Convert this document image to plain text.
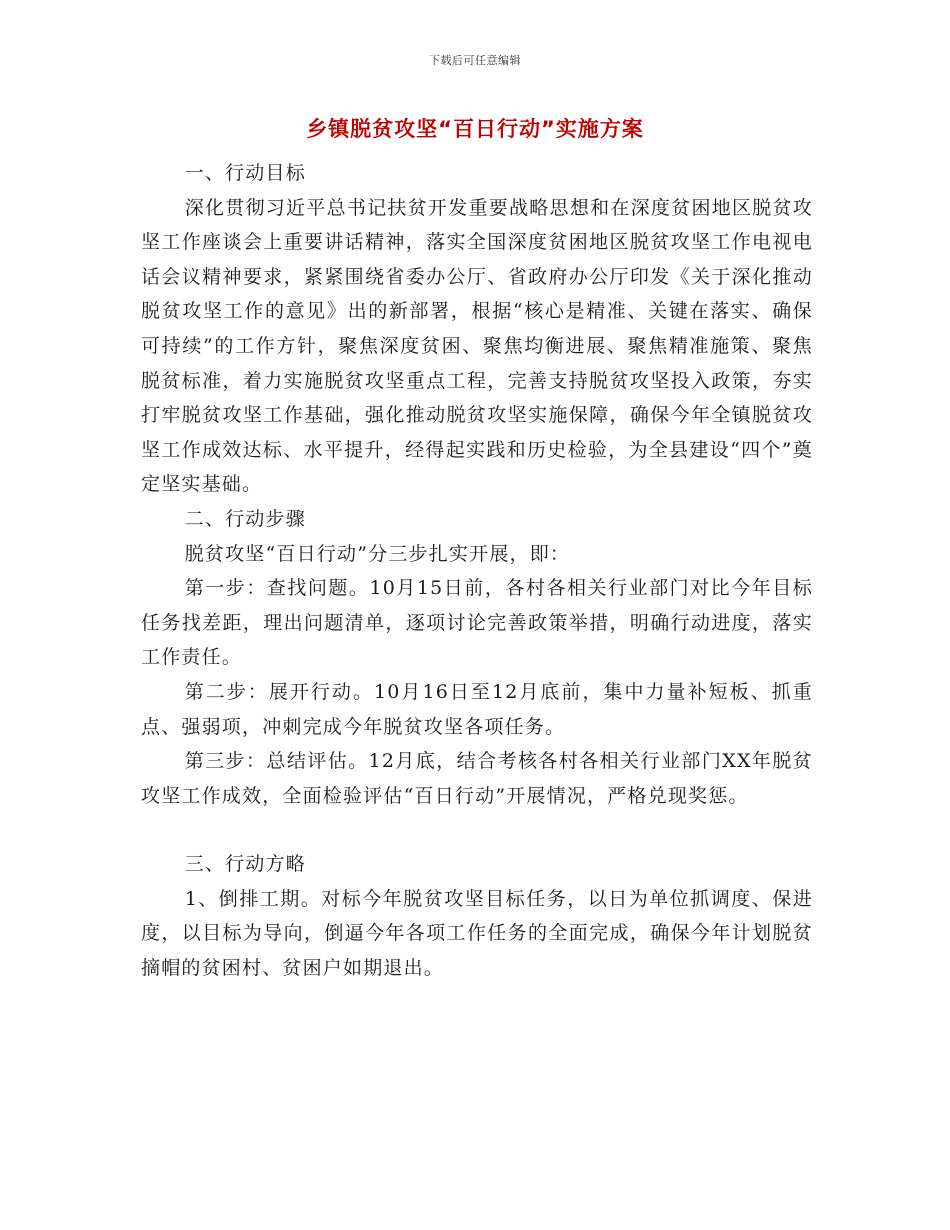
下载后可任意编辑
乡镇脱贫攻坚“百日行动”实施方案

一、行动目标

深化贯彻习近平总书记扶贫开发重要战略思想和在深度贫困地区脱贫攻坚工作座谈会上重要讲话精神，落实全国深度贫困地区脱贫攻坚工作电视电话会议精神要求，紧紧围绕省委办公厅、省政府办公厅印发《关于深化推动脱贫攻坚工作的意见》出的新部署，根据“核心是精准、关键在落实、确保可持续”的工作方针，聚焦深度贫困、聚焦均衡进展、聚焦精准施策、聚焦脱贫标准，着力实施脱贫攻坚重点工程，完善支持脱贫攻坚投入政策，夯实打牢脱贫攻坚工作基础，强化推动脱贫攻坚实施保障，确保今年全镇脱贫攻坚工作成效达标、水平提升，经得起实践和历史检验，为全县建设“四个”奠定坚实基础。

二、行动步骤

脱贫攻坚“百日行动”分三步扎实开展，即：

第一步：查找问题。10月15日前，各村各相关行业部门对比今年目标任务找差距，理出问题清单，逐项讨论完善政策举措，明确行动进度，落实工作责任。

第二步：展开行动。10月16日至12月底前，集中力量补短板、抓重点、强弱项，冲刺完成今年脱贫攻坚各项任务。

第三步：总结评估。12月底，结合考核各村各相关行业部门XX年脱贫攻坚工作成效，全面检验评估“百日行动”开展情况，严格兑现奖惩。

三、行动方略

1、倒排工期。对标今年脱贫攻坚目标任务，以日为单位抓调度、保进度，以目标为导向，倒逼今年各项工作任务的全面完成，确保今年计划脱贫摘帽的贫困村、贫困户如期退出。
